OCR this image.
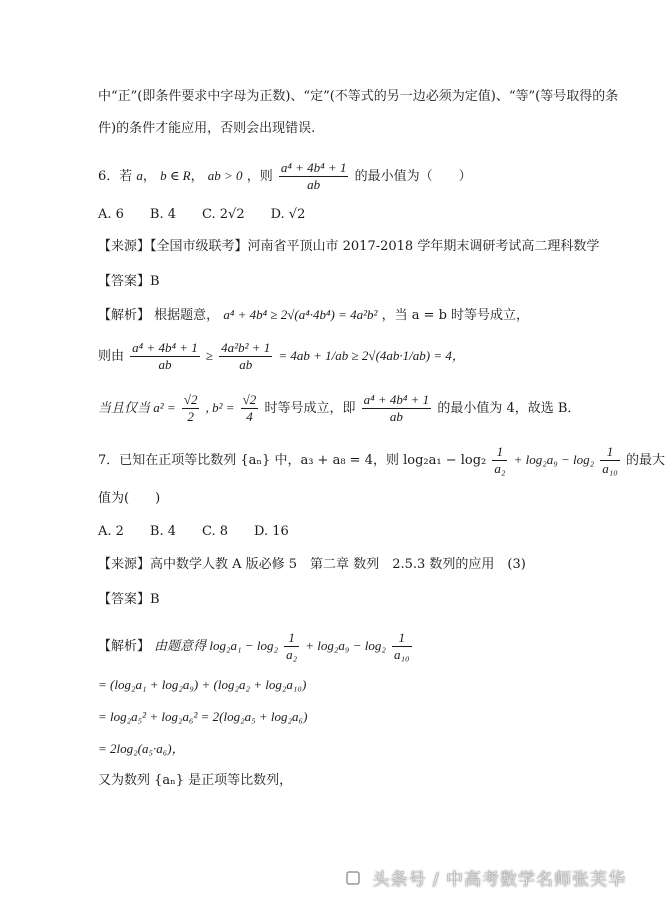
中“正”(即条件要求中字母为正数)、“定”(不等式的另一边必须为定值)、“等”(等号取得的条
件)的条件才能应用，否则会出现错误.
6．若 a， b ∈ R， ab > 0 ，则 $\frac{\text{a⁴ + 4b⁴ + 1}}{ab}$ 的最小值为（　　）
A. 6　　B. 4　　C. 2√2　　D. √2
【来源】【全国市级联考】河南省平顶山市 2017-2018 学年期末调研考试高二理科数学
【答案】B
【解析】 根据题意， a⁴ + 4b⁴ ≥ 2√(a⁴·4b⁴) = 4a²b² ，当 a = b 时等号成立，
则由 $\frac{\text{a⁴ + 4b⁴ + 1}}{ab} \ge \frac{\text{4a²b² + 1}}{ab} = 4ab + 1/ab \ge 2√(4ab\cdot 1/ab) = 4$，
当且仅当 $a^2 = \frac{√2}{2}$ , $b^2 = \frac{√2}{4}$ 时等号成立，即 $\frac{\text{a⁴ + 4b⁴ + 1}}{ab}$ 的最小值为 4，故选 B．
7．已知在正项等比数列 {aₙ} 中，a₃ + a₈ = 4，则 $\log_2a_1 - \log_2 \frac{1}{\text{a₂}} + \log_2a_9 - \log_2 \frac{1}{\text{a₁₀}}$ 的最大
值为(　　)
A. 2　　B. 4　　C. 8　　D. 16
【来源】高中数学人教 A 版必修 5　第二章 数列　2.5.3 数列的应用　(3)
【答案】B
【解析】 由题意得 $\log_2a_1 - \log_2 \frac{1}{\text{a₂}} + \log_2a_9 - \log_2 \frac{1}{\text{a₁₀}}$
= (log₂a₁ + log₂a₉) + (log₂a₂ + log₂a₁₀)
= log₂a₅² + log₂a₆² = 2(log₂a₅ + log₂a₆)
= 2log₂(a₅·a₆)，
又为数列 {aₙ} 是正项等比数列，
头条号 / 中高考数学名师张芙华
